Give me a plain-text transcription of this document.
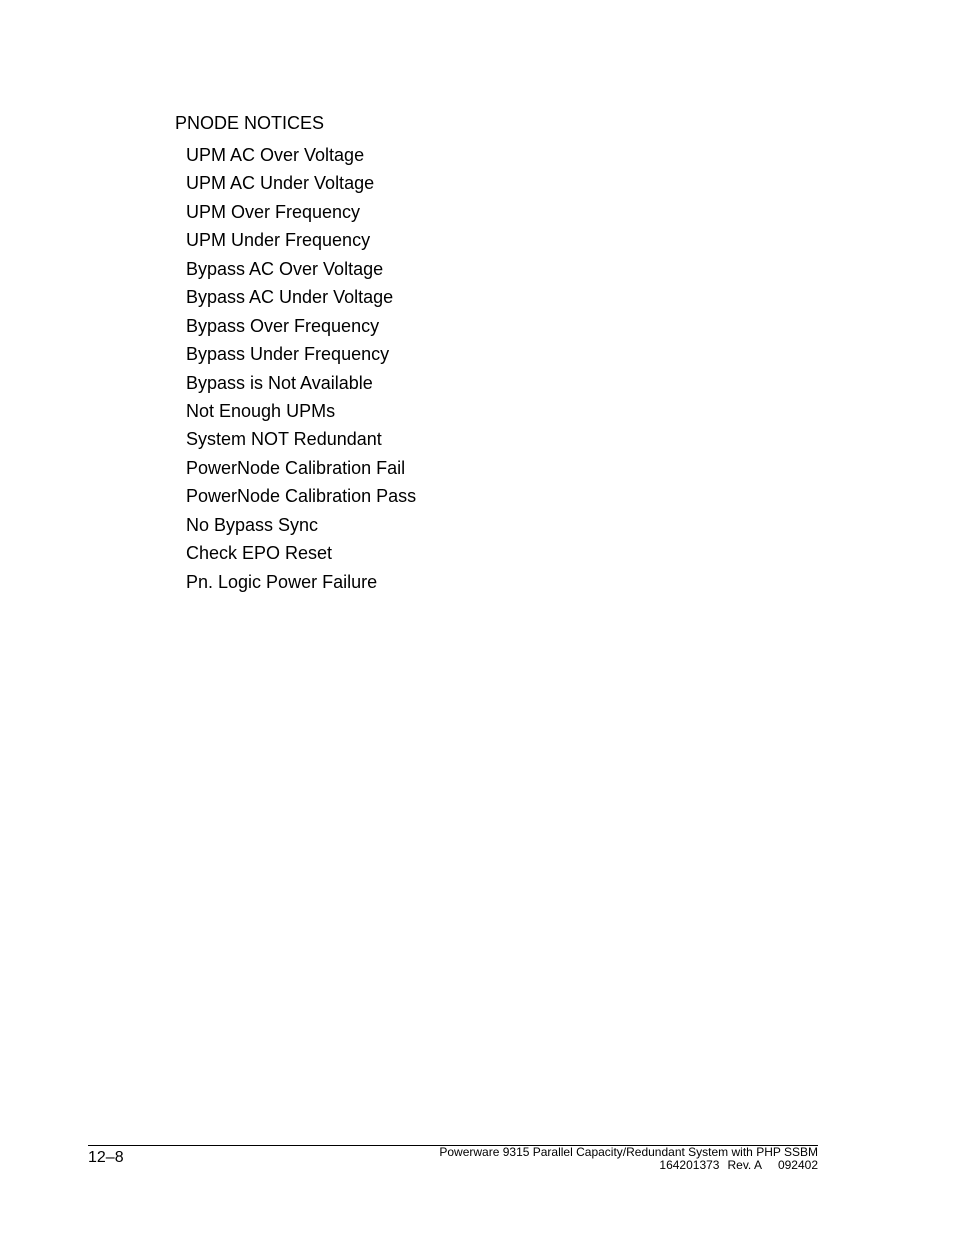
PNODE NOTICES
UPM AC Over Voltage
UPM AC Under Voltage
UPM Over Frequency
UPM Under Frequency
Bypass AC Over Voltage
Bypass AC Under Voltage
Bypass Over Frequency
Bypass Under Frequency
Bypass is Not Available
Not Enough UPMs
System NOT Redundant
PowerNode Calibration Fail
PowerNode Calibration Pass
No Bypass Sync
Check EPO Reset
Pn. Logic Power Failure
12–8	Powerware 9315 Parallel Capacity/Redundant System with PHP SSBM
164201373 Rev. A 092402
